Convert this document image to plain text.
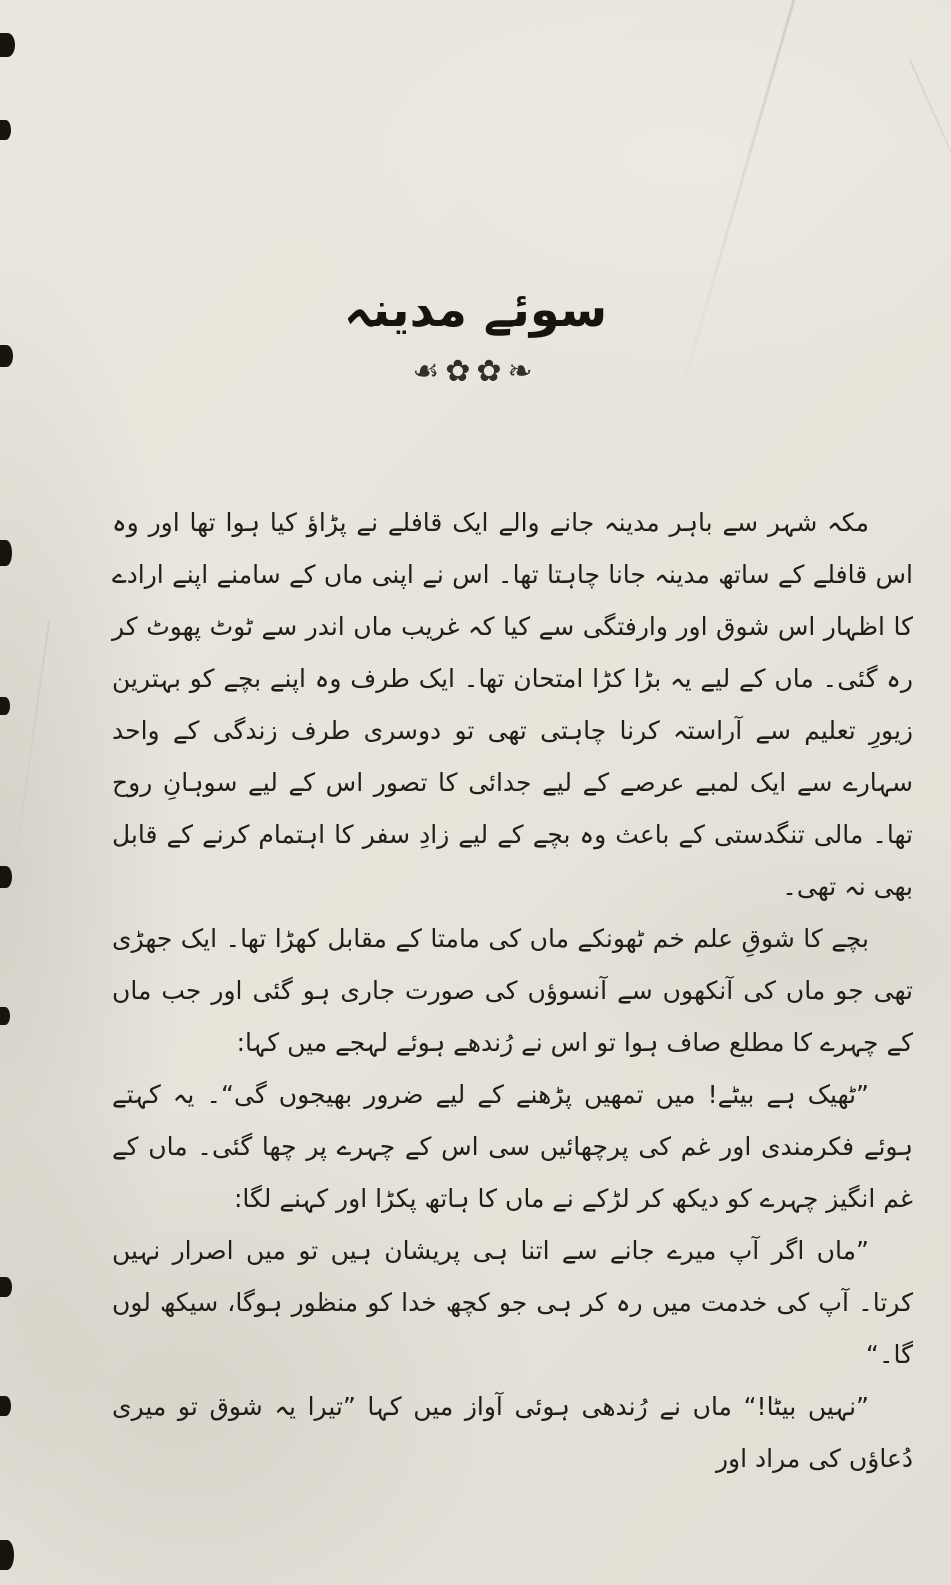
سوئے مدینہ
❧✿✿☙

مکہ شہر سے باہر مدینہ جانے والے ایک قافلے نے پڑاؤ کیا ہوا تھا اور وہ اس قافلے کے ساتھ مدینہ جانا چاہتا تھا۔ اس نے اپنی ماں کے سامنے اپنے ارادے کا اظہار اس شوق اور وارفتگی سے کیا کہ غریب ماں اندر سے ٹوٹ پھوٹ کر رہ گئی۔ ماں کے لیے یہ بڑا کڑا امتحان تھا۔ ایک طرف وہ اپنے بچے کو بہترین زیورِ تعلیم سے آراستہ کرنا چاہتی تھی تو دوسری طرف زندگی کے واحد سہارے سے ایک لمبے عرصے کے لیے جدائی کا تصور اس کے لیے سوہانِ روح تھا۔ مالی تنگدستی کے باعث وہ بچے کے لیے زادِ سفر کا اہتمام کرنے کے قابل بھی نہ تھی۔

بچے کا شوقِ علم خم ٹھونکے ماں کی مامتا کے مقابل کھڑا تھا۔ ایک جھڑی تھی جو ماں کی آنکھوں سے آنسوؤں کی صورت جاری ہو گئی اور جب ماں کے چہرے کا مطلع صاف ہوا تو اس نے رُندھے ہوئے لہجے میں کہا:

”ٹھیک ہے بیٹے! میں تمھیں پڑھنے کے لیے ضرور بھیجوں گی“۔ یہ کہتے ہوئے فکرمندی اور غم کی پرچھائیں سی اس کے چہرے پر چھا گئی۔ ماں کے غم انگیز چہرے کو دیکھ کر لڑکے نے ماں کا ہاتھ پکڑا اور کہنے لگا:

”ماں اگر آپ میرے جانے سے اتنا ہی پریشان ہیں تو میں اصرار نہیں کرتا۔ آپ کی خدمت میں رہ کر ہی جو کچھ خدا کو منظور ہوگا، سیکھ لوں گا۔“

”نہیں بیٹا!“ ماں نے رُندھی ہوئی آواز میں کہا ”تیرا یہ شوق تو میری دُعاؤں کی مراد اور
